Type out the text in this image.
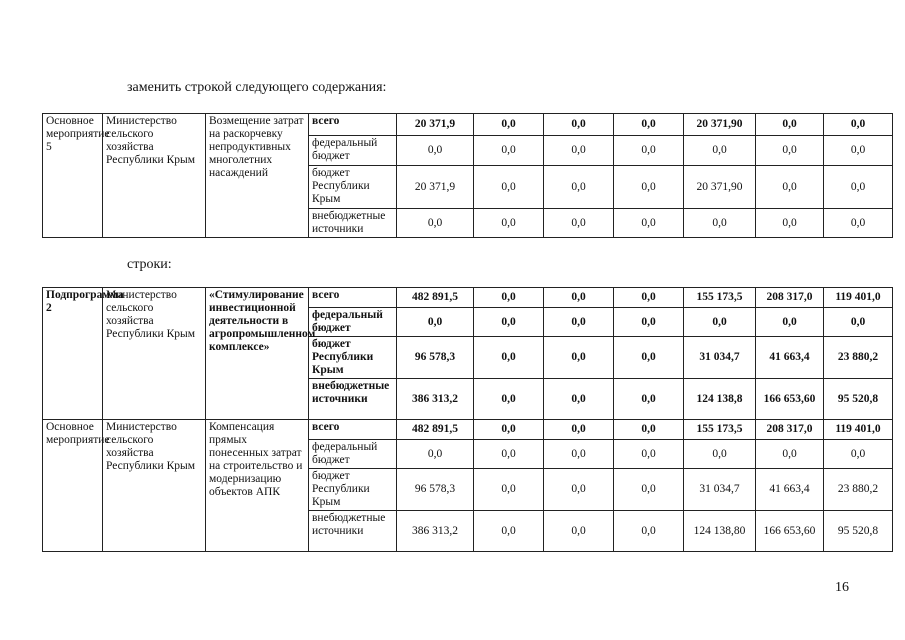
заменить строкой следующего содержания:
Основное мероприятие 5	Министерство сельского хозяйства Республики Крым	Возмещение затрат на раскорчевку непродуктивных многолетних насаждений	всего	20 371,9	0,0	0,0	0,0	20 371,90	0,0	0,0
			федеральный бюджет	0,0	0,0	0,0	0,0	0,0	0,0	0,0
			бюджет Республики Крым	20 371,9	0,0	0,0	0,0	20 371,90	0,0	0,0
			внебюджетные источники	0,0	0,0	0,0	0,0	0,0	0,0	0,0
строки:
Подпрограмма 2	Министерство сельского хозяйства Республики Крым	«Стимулирование инвестиционной деятельности в агропромышленном комплексе»	всего	482 891,5	0,0	0,0	0,0	155 173,5	208 317,0	119 401,0
			федеральный бюджет	0,0	0,0	0,0	0,0	0,0	0,0	0,0
			бюджет Республики Крым	96 578,3	0,0	0,0	0,0	31 034,7	41 663,4	23 880,2
			внебюджетные источники	386 313,2	0,0	0,0	0,0	124 138,8	166 653,60	95 520,8
Основное мероприятие	Министерство сельского хозяйства Республики Крым	Компенсация прямых понесенных затрат на строительство и модернизацию объектов АПК	всего	482 891,5	0,0	0,0	0,0	155 173,5	208 317,0	119 401,0
			федеральный бюджет	0,0	0,0	0,0	0,0	0,0	0,0	0,0
			бюджет Республики Крым	96 578,3	0,0	0,0	0,0	31 034,7	41 663,4	23 880,2
			внебюджетные источники	386 313,2	0,0	0,0	0,0	124 138,80	166 653,60	95 520,8
16
